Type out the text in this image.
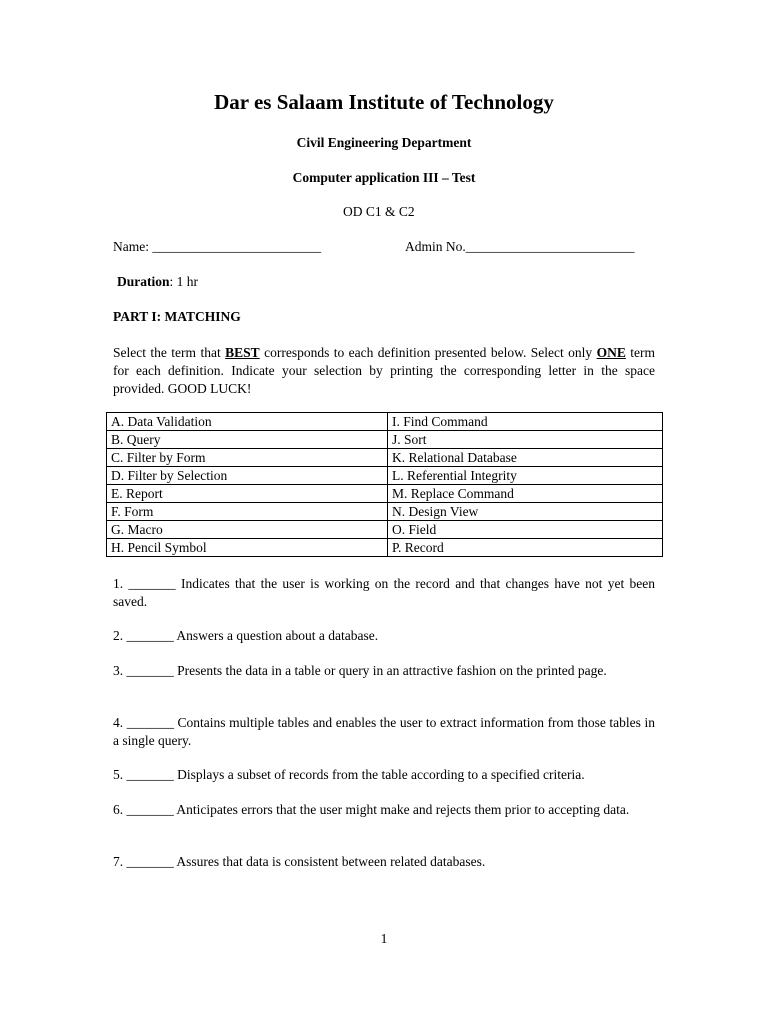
Dar es Salaam Institute of Technology
Civil Engineering Department
Computer application III – Test
OD C1 & C2
Name: _________________________	Admin No._________________________
Duration: 1 hr
PART I: MATCHING
Select the term that BEST corresponds to each definition presented below. Select only ONE term for each definition. Indicate your selection by printing the corresponding letter in the space provided. GOOD LUCK!
A. Data Validation	I. Find Command
B. Query	J. Sort
C. Filter by Form	K. Relational Database
D. Filter by Selection	L. Referential Integrity
E. Report	M. Replace Command
F. Form	N. Design View
G. Macro	O. Field
H. Pencil Symbol	P. Record
1. _______ Indicates that the user is working on the record and that changes have not yet been saved.
2. _______ Answers a question about a database.
3. _______ Presents the data in a table or query in an attractive fashion on the printed page.
4. _______ Contains multiple tables and enables the user to extract information from those tables in a single query.
5. _______ Displays a subset of records from the table according to a specified criteria.
6. _______ Anticipates errors that the user might make and rejects them prior to accepting data.
7. _______ Assures that data is consistent between related databases.
1
